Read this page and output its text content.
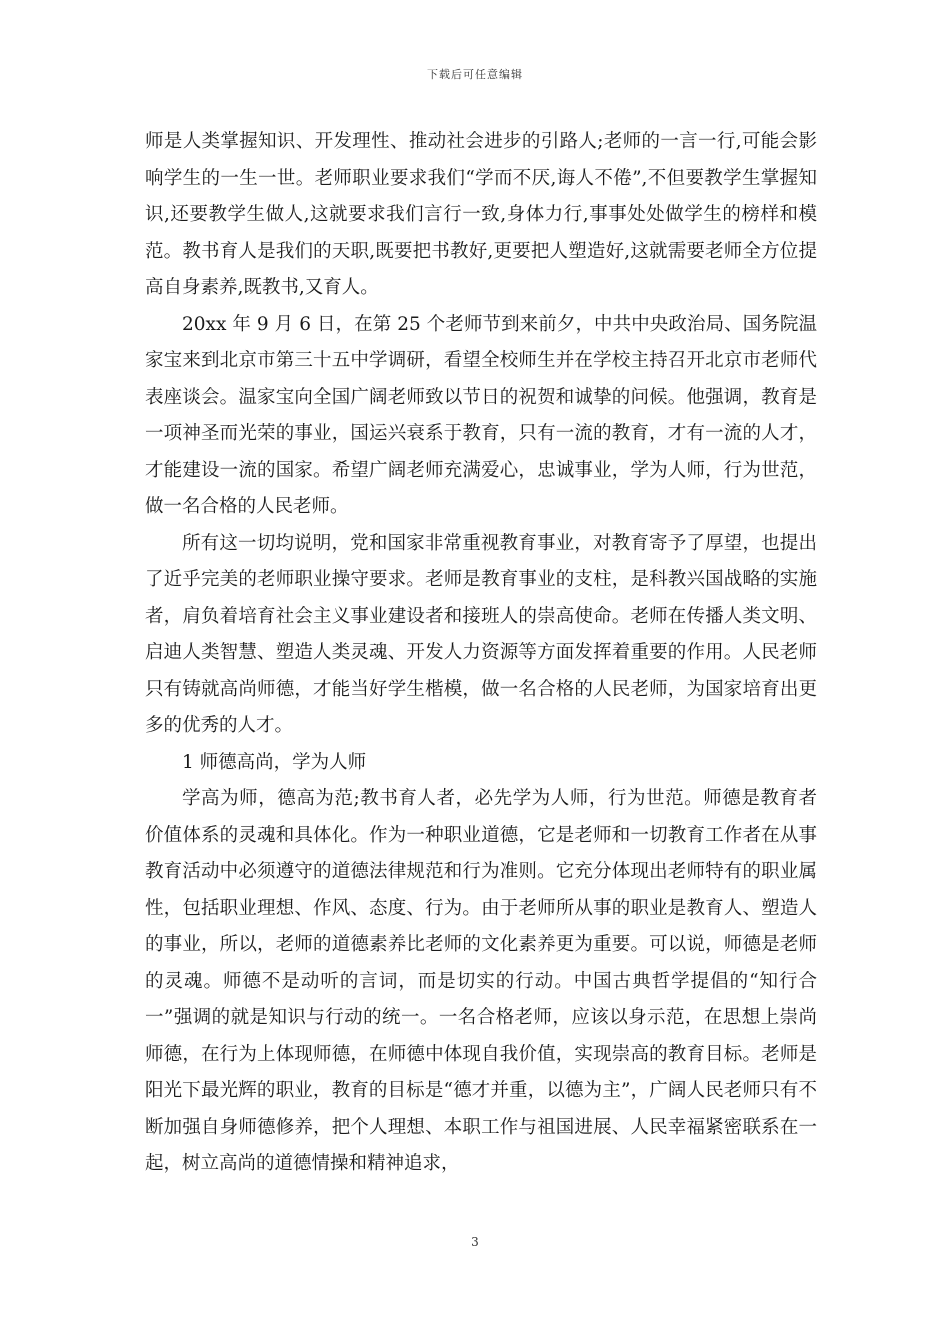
下载后可任意编辑

师是人类掌握知识、开发理性、推动社会进步的引路人;老师的一言一行,可能会影响学生的一生一世。老师职业要求我们“学而不厌,诲人不倦”,不但要教学生掌握知识,还要教学生做人,这就要求我们言行一致,身体力行,事事处处做学生的榜样和模范。教书育人是我们的天职,既要把书教好,更要把人塑造好,这就需要老师全方位提高自身素养,既教书,又育人。

20xx 年 9 月 6 日，在第 25 个老师节到来前夕，中共中央政治局、国务院温家宝来到北京市第三十五中学调研，看望全校师生并在学校主持召开北京市老师代表座谈会。温家宝向全国广阔老师致以节日的祝贺和诚挚的问候。他强调，教育是一项神圣而光荣的事业，国运兴衰系于教育，只有一流的教育，才有一流的人才，才能建设一流的国家。希望广阔老师充满爱心，忠诚事业，学为人师，行为世范，做一名合格的人民老师。

所有这一切均说明，党和国家非常重视教育事业，对教育寄予了厚望，也提出了近乎完美的老师职业操守要求。老师是教育事业的支柱，是科教兴国战略的实施者，肩负着培育社会主义事业建设者和接班人的崇高使命。老师在传播人类文明、启迪人类智慧、塑造人类灵魂、开发人力资源等方面发挥着重要的作用。人民老师只有铸就高尚师德，才能当好学生楷模，做一名合格的人民老师，为国家培育出更多的优秀的人才。

1 师德高尚，学为人师

学高为师，德高为范;教书育人者，必先学为人师，行为世范。师德是教育者价值体系的灵魂和具体化。作为一种职业道德，它是老师和一切教育工作者在从事教育活动中必须遵守的道德法律规范和行为准则。它充分体现出老师特有的职业属性，包括职业理想、作风、态度、行为。由于老师所从事的职业是教育人、塑造人的事业，所以，老师的道德素养比老师的文化素养更为重要。可以说，师德是老师的灵魂。师德不是动听的言词，而是切实的行动。中国古典哲学提倡的“知行合一”强调的就是知识与行动的统一。一名合格老师，应该以身示范，在思想上崇尚师德，在行为上体现师德，在师德中体现自我价值，实现崇高的教育目标。老师是阳光下最光辉的职业，教育的目标是“德才并重，以德为主”，广阔人民老师只有不断加强自身师德修养，把个人理想、本职工作与祖国进展、人民幸福紧密联系在一起，树立高尚的道德情操和精神追求，

3
